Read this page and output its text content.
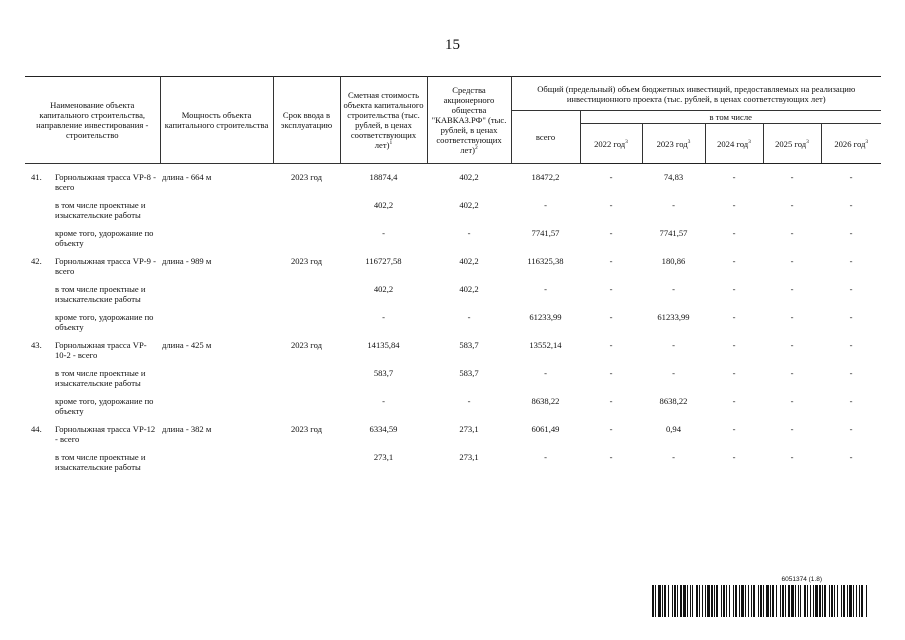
15
Наименование объекта капитального строительства, направление инвестирования - строительство	Мощность объекта капитального строительства	Срок ввода в эксплуатацию	Сметная стоимость объекта капитального строительства (тыс. рублей, в ценах соответствующих лет)$^1$	Средства акционерного общества "КАВКАЗ.РФ" (тыс. рублей, в ценах соответствующих лет)$^2$	Общий (предельный) объем бюджетных инвестиций, предоставляемых на реализацию инвестиционного проекта (тыс. рублей, в ценах соответствующих лет)					
					всего	в том числе				
						2022 год$^3$	2023 год$^3$	2024 год$^3$	2025 год$^3$	2026 год$^3$

41. Горнолыжная трасса VP-8 - всего	длина - 664 м	2023 год	18874,4	402,2	18472,2	-	74,83	-	-	-

в том числе проектные и изыскательские работы			402,2	402,2	-	-	-	-	-	-

кроме того, удорожание по объекту			-	-	7741,57	-	7741,57	-	-	-

42. Горнолыжная трасса VP-9 - всего	длина - 989 м	2023 год	116727,58	402,2	116325,38	-	180,86	-	-	-

в том числе проектные и изыскательские работы			402,2	402,2	-	-	-	-	-	-

кроме того, удорожание по объекту			-	-	61233,99	-	61233,99	-	-	-

43. Горнолыжная трасса VP-10-2 - всего	длина - 425 м	2023 год	14135,84	583,7	13552,14	-	-	-	-	-

в том числе проектные и изыскательские работы			583,7	583,7	-	-	-	-	-	-

кроме того, удорожание по объекту			-	-	8638,22	-	8638,22	-	-	-

44. Горнолыжная трасса VP-12 - всего	длина - 382 м	2023 год	6334,59	273,1	6061,49	-	0,94	-	-	-

в том числе проектные и изыскательские работы			273,1	273,1	-	-	-	-	-	-
6051374 (1.8)
